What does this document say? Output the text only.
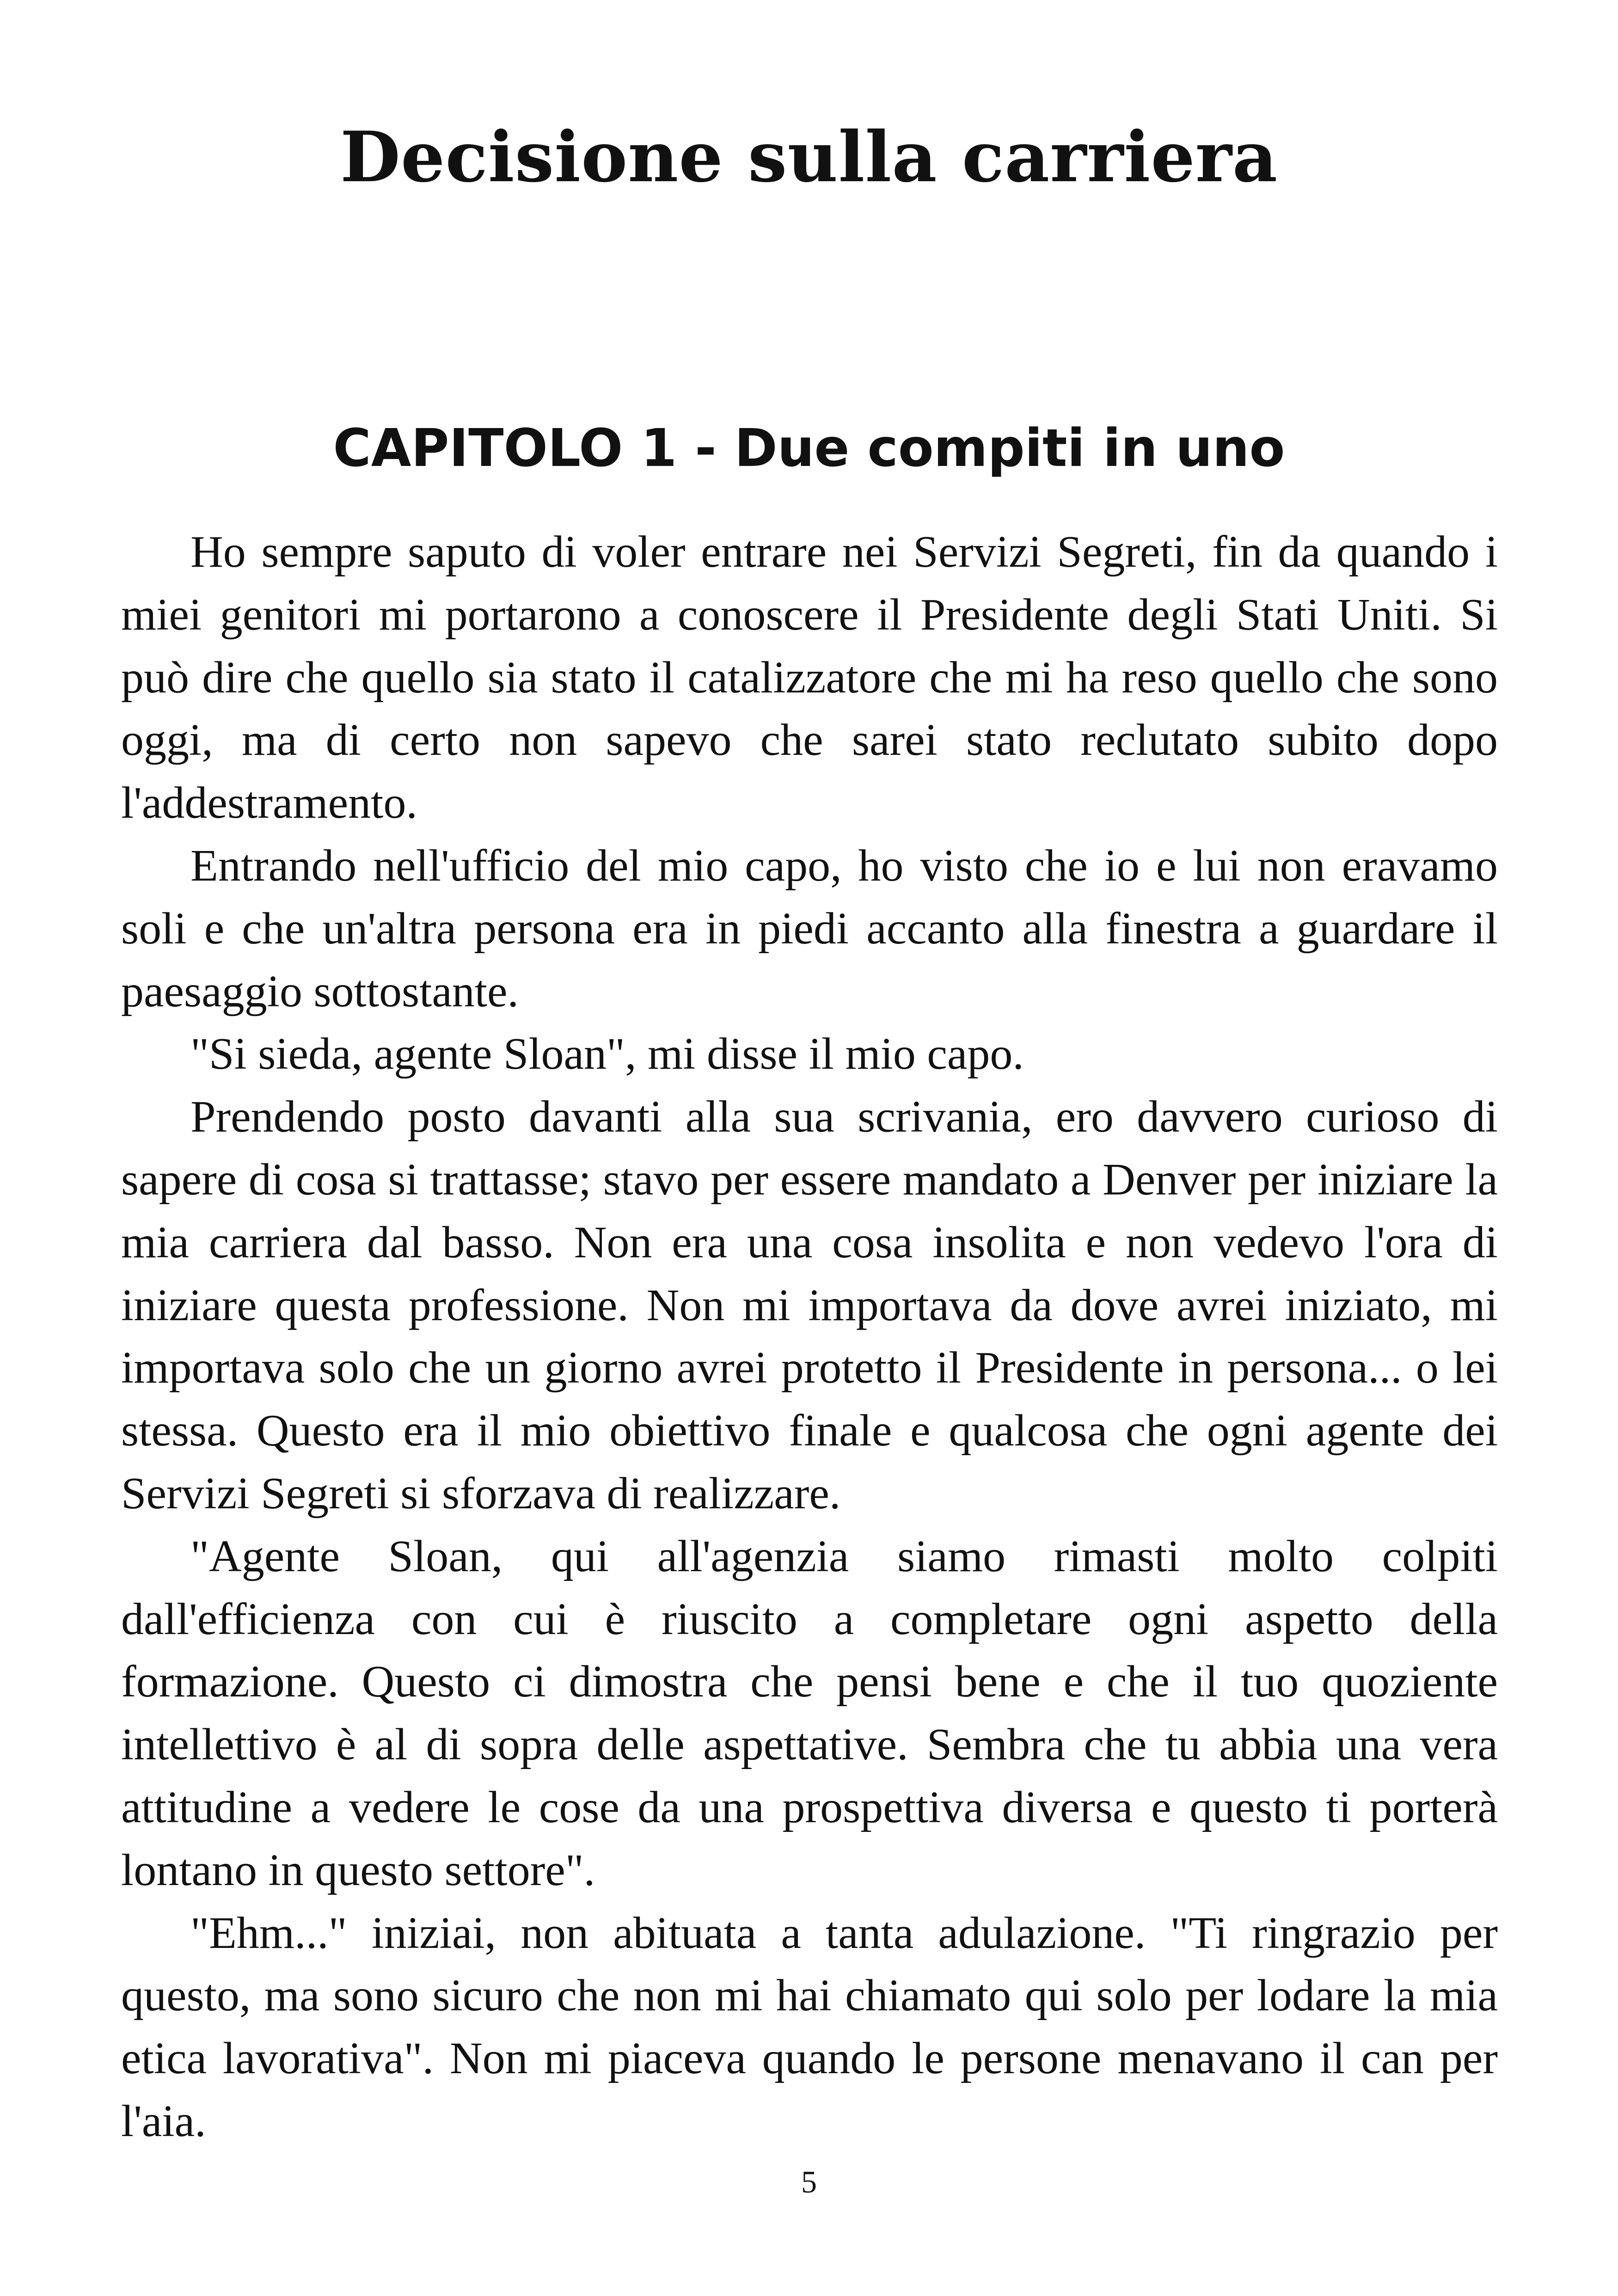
Decisione sulla carriera
CAPITOLO 1 - Due compiti in uno

Ho sempre saputo di voler entrare nei Servizi Segreti, fin da quando i miei genitori mi portarono a conoscere il Presidente degli Stati Uniti. Si può dire che quello sia stato il catalizzatore che mi ha reso quello che sono oggi, ma di certo non sapevo che sarei stato reclutato subito dopo l'addestramento.

Entrando nell'ufficio del mio capo, ho visto che io e lui non eravamo soli e che un'altra persona era in piedi accanto alla finestra a guardare il paesaggio sottostante.

"Si sieda, agente Sloan", mi disse il mio capo.

Prendendo posto davanti alla sua scrivania, ero davvero curioso di sapere di cosa si trattasse; stavo per essere mandato a Denver per iniziare la mia carriera dal basso. Non era una cosa insolita e non vedevo l'ora di iniziare questa professione. Non mi importava da dove avrei iniziato, mi importava solo che un giorno avrei protetto il Presidente in persona... o lei stessa. Questo era il mio obiettivo finale e qualcosa che ogni agente dei Servizi Segreti si sforzava di realizzare.

"Agente Sloan, qui all'agenzia siamo rimasti molto colpiti dall'efficienza con cui è riuscito a completare ogni aspetto della formazione. Questo ci dimostra che pensi bene e che il tuo quoziente intellettivo è al di sopra delle aspettative. Sembra che tu abbia una vera attitudine a vedere le cose da una prospettiva diversa e questo ti porterà lontano in questo settore".

"Ehm..." iniziai, non abituata a tanta adulazione. "Ti ringrazio per questo, ma sono sicuro che non mi hai chiamato qui solo per lodare la mia etica lavorativa". Non mi piaceva quando le persone menavano il can per l'aia.

5
